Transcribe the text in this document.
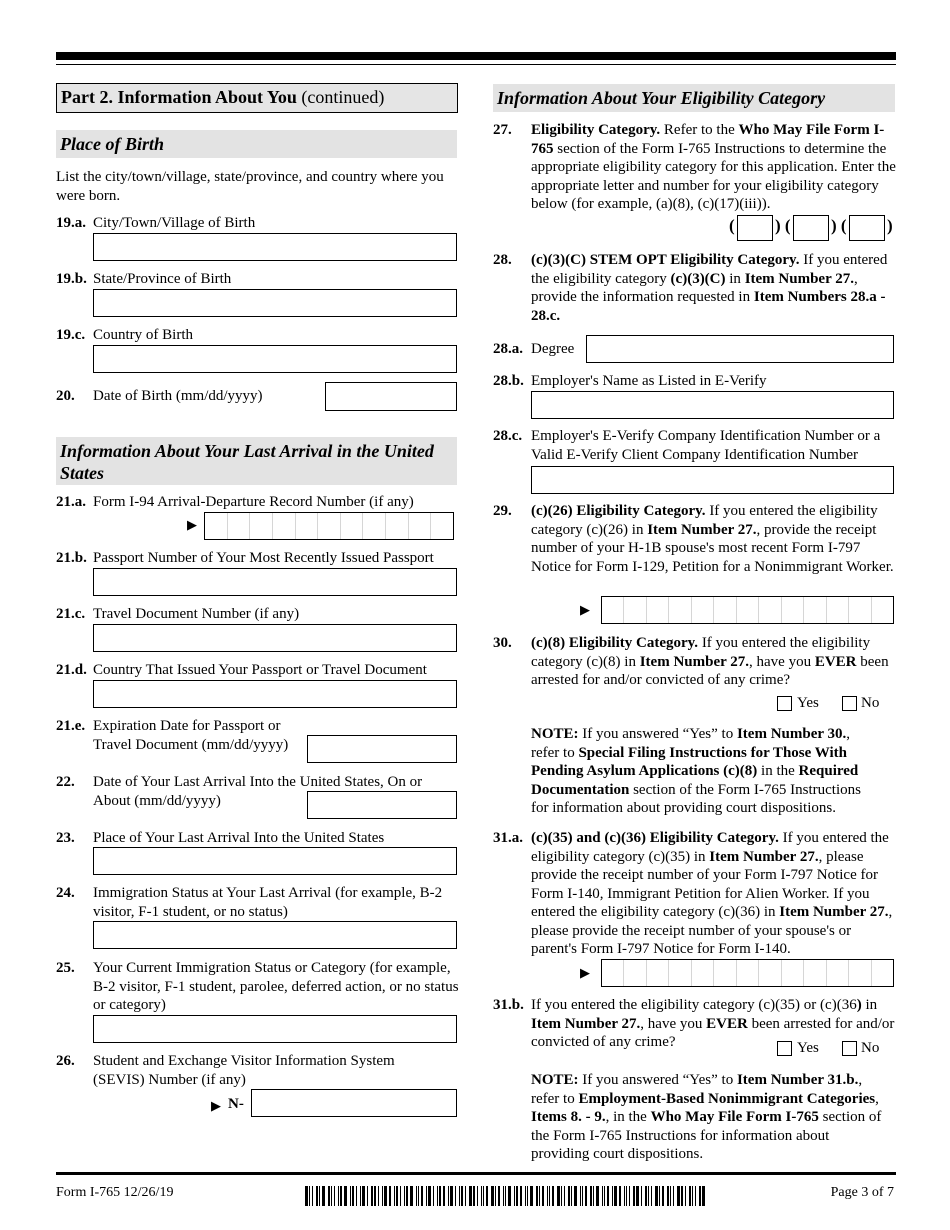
Part 2. Information About You (continued)
Place of Birth
List the city/town/village, state/province, and country where you were born.
19.a. City/Town/Village of Birth
19.b. State/Province of Birth
19.c. Country of Birth
20. Date of Birth (mm/dd/yyyy)
Information About Your Last Arrival in the United States
21.a. Form I-94 Arrival-Departure Record Number (if any)
▶
21.b. Passport Number of Your Most Recently Issued Passport
21.c. Travel Document Number (if any)
21.d. Country That Issued Your Passport or Travel Document
21.e. Expiration Date for Passport or Travel Document (mm/dd/yyyy)
22. Date of Your Last Arrival Into the United States, On or About (mm/dd/yyyy)
23. Place of Your Last Arrival Into the United States
24. Immigration Status at Your Last Arrival (for example, B-2 visitor, F-1 student, or no status)
25. Your Current Immigration Status or Category (for example, B-2 visitor, F-1 student, parolee, deferred action, or no status or category)
26. Student and Exchange Visitor Information System (SEVIS) Number (if any)
▶ N-
Information About Your Eligibility Category
27. Eligibility Category. Refer to the Who May File Form I-765 section of the Form I-765 Instructions to determine the appropriate eligibility category for this application. Enter the appropriate letter and number for your eligibility category below (for example, (a)(8), (c)(17)(iii)).
( ) ( ) ( )
28. (c)(3)(C) STEM OPT Eligibility Category. If you entered the eligibility category (c)(3)(C) in Item Number 27., provide the information requested in Item Numbers 28.a - 28.c.
28.a. Degree
28.b. Employer's Name as Listed in E-Verify
28.c. Employer's E-Verify Company Identification Number or a Valid E-Verify Client Company Identification Number
29. (c)(26) Eligibility Category. If you entered the eligibility category (c)(26) in Item Number 27., provide the receipt number of your H-1B spouse's most recent Form I-797 Notice for Form I-129, Petition for a Nonimmigrant Worker.
▶
30. (c)(8) Eligibility Category. If you entered the eligibility category (c)(8) in Item Number 27., have you EVER been arrested for and/or convicted of any crime?
Yes	No
NOTE: If you answered “Yes” to Item Number 30., refer to Special Filing Instructions for Those With Pending Asylum Applications (c)(8) in the Required Documentation section of the Form I-765 Instructions for information about providing court dispositions.
31.a. (c)(35) and (c)(36) Eligibility Category. If you entered the eligibility category (c)(35) in Item Number 27., please provide the receipt number of your Form I-797 Notice for Form I-140, Immigrant Petition for Alien Worker. If you entered the eligibility category (c)(36) in Item Number 27., please provide the receipt number of your spouse's or parent's Form I-797 Notice for Form I-140.
▶
31.b. If you entered the eligibility category (c)(35) or (c)(36) in Item Number 27., have you EVER been arrested for and/or convicted of any crime?	Yes	No
NOTE: If you answered “Yes” to Item Number 31.b., refer to Employment-Based Nonimmigrant Categories, Items 8. - 9., in the Who May File Form I-765 section of the Form I-765 Instructions for information about providing court dispositions.
Form I-765 12/26/19	Page 3 of 7
